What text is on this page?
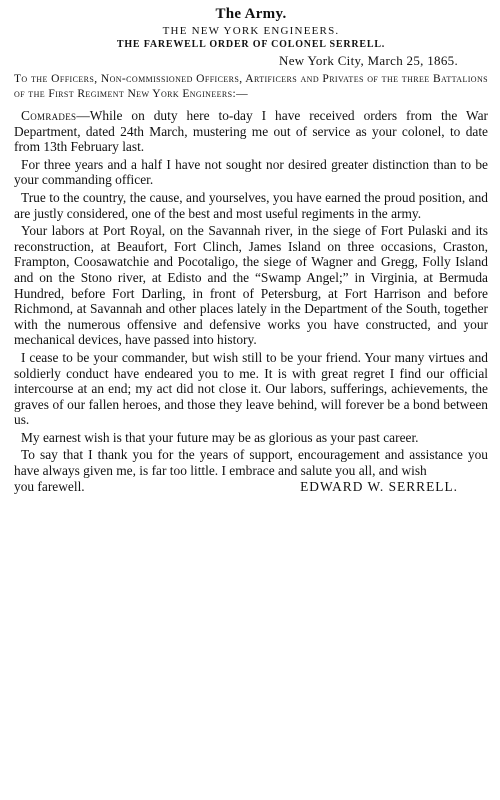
The Army.
THE NEW YORK ENGINEERS.
THE FAREWELL ORDER OF COLONEL SERRELL.
New York City, March 25, 1865.
To the Officers, Non-commissioned Officers, Artificers and Privates of the three Battalions of the First Regiment New York Engineers:—

Comrades—While on duty here to-day I have received orders from the War Department, dated 24th March, mustering me out of service as your colonel, to date from 13th February last.

For three years and a half I have not sought nor desired greater distinction than to be your commanding officer.

True to the country, the cause, and yourselves, you have earned the proud position, and are justly considered, one of the best and most useful regiments in the army.

Your labors at Port Royal, on the Savannah river, in the siege of Fort Pulaski and its reconstruction, at Beaufort, Fort Clinch, James Island on three occasions, Craston, Frampton, Coosawatchie and Pocotaligo, the siege of Wagner and Gregg, Folly Island and on the Stono river, at Edisto and the “Swamp Angel;” in Virginia, at Bermuda Hundred, before Fort Darling, in front of Petersburg, at Fort Harrison and before Richmond, at Savannah and other places lately in the Department of the South, together with the numerous offensive and defensive works you have constructed, and your mechanical devices, have passed into history.

I cease to be your commander, but wish still to be your friend. Your many virtues and soldierly conduct have endeared you to me. It is with great regret I find our official intercourse at an end; my act did not close it. Our labors, sufferings, achievements, the graves of our fallen heroes, and those they leave behind, will forever be a bond between us.

My earnest wish is that your future may be as glorious as your past career.

To say that I thank you for the years of support, encouragement and assistance you have always given me, is far too little. I embrace and salute you all, and wish

you farewell.	EDWARD W. SERRELL.
